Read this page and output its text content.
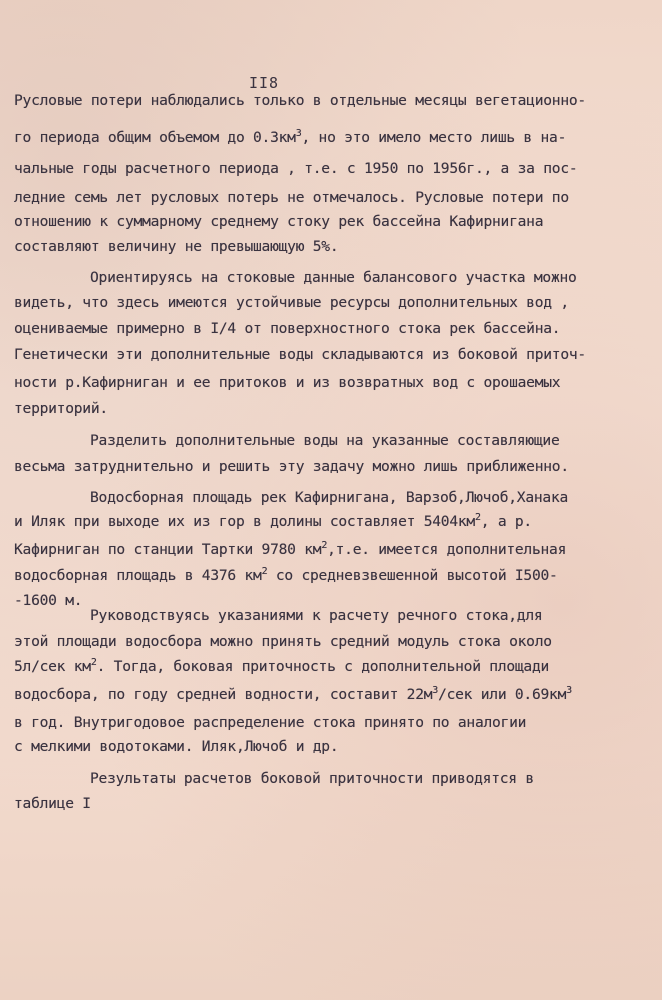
II8
Русловые потери наблюдались только в отдельные месяцы вегетационно-
го периода общим объемом до $0.3км^3$, но это имело место лишь в на-
чальные годы расчетного периода , т.е. с 1950 по 1956г., а за пос-
ледние семь лет русловых потерь не отмечалось. Русловые потери по
отношению к суммарному среднему стоку рек бассейна Кафирнигана
составляют величину не превышающую 5%.
Ориентируясь на стоковые данные балансового участка можно
видеть, что здесь имеются устойчивые ресурсы дополнительных вод ,
оцениваемые примерно в I/4 от поверхностного стока рек бассейна.
Генетически эти дополнительные воды складываются из боковой приточ-
ности р.Кафирниган и ее притоков и из возвратных вод с орошаемых
территорий.
Разделить дополнительные воды на указанные составляющие
весьма затруднительно и решить эту задачу можно лишь приближенно.
Водосборная площадь рек Кафирнигана, Варзоб,Лючоб,Ханака
и Иляк при выходе их из гор в долины составляет $5404км^2$, а р.
Кафирниган по станции Тартки 9780 $км^2,т.е$. имеется дополнительная
водосборная площадь в 4376 $км^2$ со средневзвешенной высотой I500-
-1600 м.
Руководствуясь указаниями к расчету речного стока,для
этой площади водосбора можно принять средний модуль стока около
5л/сек $км^2$. Тогда, боковая приточность с дополнительной площади
водосбора, по году средней водности, составит $22м^3$/сек или $0.69км^3$
в год. Внутригодовое распределение стока принято по аналогии
с мелкими водотоками. Иляк,Лючоб и др.
Результаты расчетов боковой приточности приводятся в
таблице I
